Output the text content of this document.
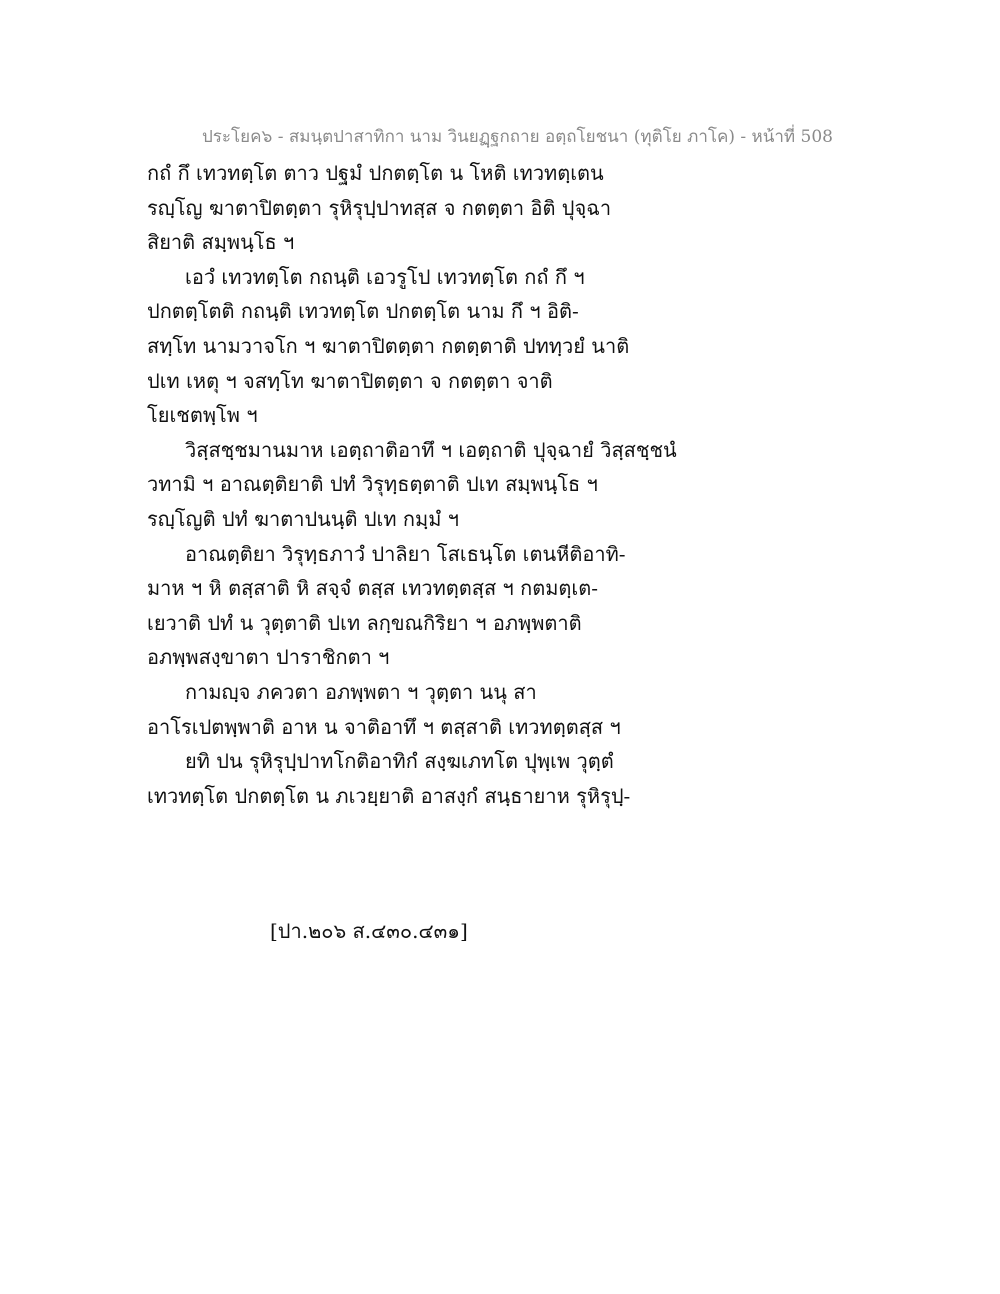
ประโยค๖ - สมนฺตปาสาทิกา นาม วินยฏฺฐกถาย อตฺถโยชนา (ทุติโย ภาโค) - หน้าที่ 508
กถํ กึ เทวทตฺโต ตาว ปฐมํ ปกตตฺโต น โหติ เทวทตฺเตน
รญฺโญ ฆาตาปิตตฺตา รุหิรุปฺปาทสฺส จ กตตฺตา อิติ ปุจฺฉา
สิยาติ สมฺพนฺโธ ฯ
เอวํ เทวทตฺโต กถนฺติ เอวรูโป เทวทตฺโต กถํ กึ ฯ
ปกตตฺโตติ กถนฺติ เทวทตฺโต ปกตตฺโต นาม กึ ฯ อิติ-
สทฺโท นามวาจโก ฯ ฆาตาปิตตฺตา กตตฺตาติ ปททฺวยํ นาติ
ปเท เหตุ ฯ จสทฺโท ฆาตาปิตตฺตา จ กตตฺตา จาติ
โยเชตพฺโพ ฯ
วิสฺสชฺชมานมาห เอตฺถาติอาทึ ฯ เอตฺถาติ ปุจฺฉายํ วิสฺสชฺชนํ
วทามิ ฯ อาณตฺติยาติ ปทํ วิรุทฺธตฺตาติ ปเท สมฺพนฺโธ ฯ
รญฺโญติ ปทํ ฆาตาปนนฺติ ปเท กมฺมํ ฯ
อาณตฺติยา วิรุทฺธภาวํ ปาลิยา โสเธนฺโต เตนหีติอาทิ-
มาห ฯ หิ ตสฺสาติ หิ สจฺจํ ตสฺส เทวทตฺตสฺส ฯ กตมตฺเต-
เยวาติ ปทํ น วุตฺตาติ ปเท ลกฺขณกิริยา ฯ อภพฺพตาติ
อภพฺพสงฺขาตา ปาราชิกตา ฯ
กามญฺจ ภควตา อภพฺพตา ฯ วุตฺตา นนุ สา
อาโรเปตพฺพาติ อาห น จาติอาทึ ฯ ตสฺสาติ เทวทตฺตสฺส ฯ
ยทิ ปน รุหิรุปฺปาทโกติอาทิกํ สงฺฆเภทโต ปุพฺเพ วุตฺตํ
เทวทตฺโต ปกตตฺโต น ภเวยฺยาติ อาสงฺกํ สนฺธายาห รุหิรุปฺ-
[ปา.๒๐๖ ส.๔๓๐.๔๓๑]
